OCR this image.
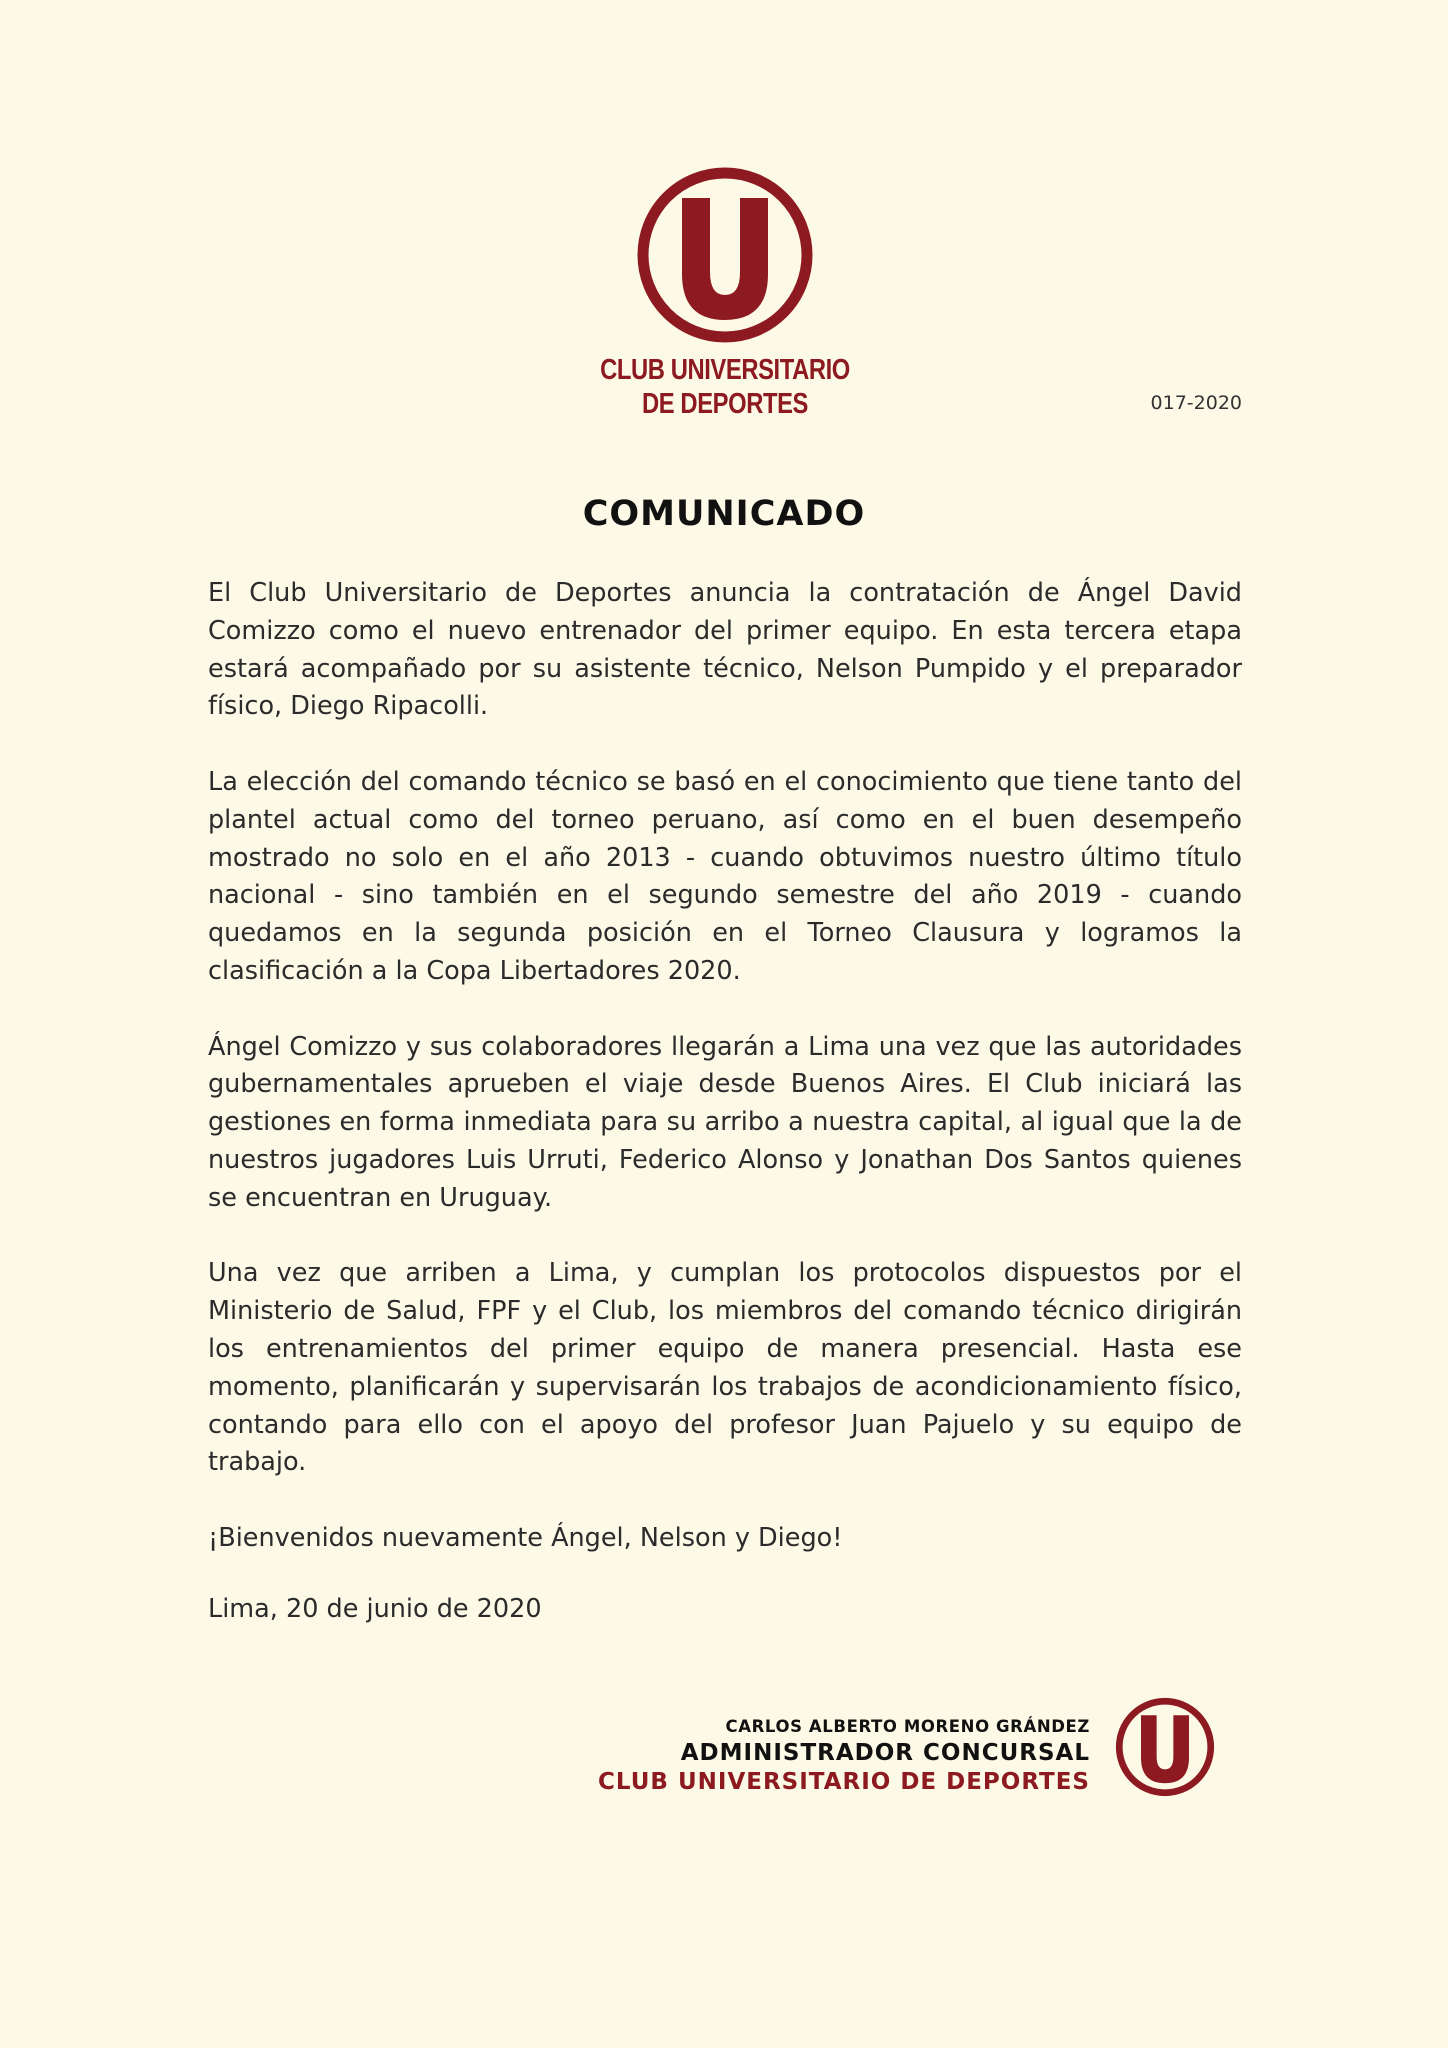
CLUB UNIVERSITARIO
DE DEPORTES	017-2020
COMUNICADO

El Club Universitario de Deportes anuncia la contratación de Ángel David Comizzo como el nuevo entrenador del primer equipo. En esta tercera etapa estará acompañado por su asistente técnico, Nelson Pumpido y el preparador físico, Diego Ripacolli.

La elección del comando técnico se basó en el conocimiento que tiene tanto del plantel actual como del torneo peruano, así como en el buen desempeño mostrado no solo en el año 2013 - cuando obtuvimos nuestro último título nacional - sino también en el segundo semestre del año 2019 - cuando quedamos en la segunda posición en el Torneo Clausura y logramos la clasificación a la Copa Libertadores 2020.

Ángel Comizzo y sus colaboradores llegarán a Lima una vez que las autoridades gubernamentales aprueben el viaje desde Buenos Aires. El Club iniciará las gestiones en forma inmediata para su arribo a nuestra capital, al igual que la de nuestros jugadores Luis Urruti, Federico Alonso y Jonathan Dos Santos quienes se encuentran en Uruguay.

Una vez que arriben a Lima, y cumplan los protocolos dispuestos por el Ministerio de Salud, FPF y el Club, los miembros del comando técnico dirigirán los entrenamientos del primer equipo de manera presencial. Hasta ese momento, planificarán y supervisarán los trabajos de acondicionamiento físico, contando para ello con el apoyo del profesor Juan Pajuelo y su equipo de trabajo.

¡Bienvenidos nuevamente Ángel, Nelson y Diego!

Lima, 20 de junio de 2020
CARLOS ALBERTO MORENO GRÁNDEZ
ADMINISTRADOR CONCURSAL
CLUB UNIVERSITARIO DE DEPORTES
